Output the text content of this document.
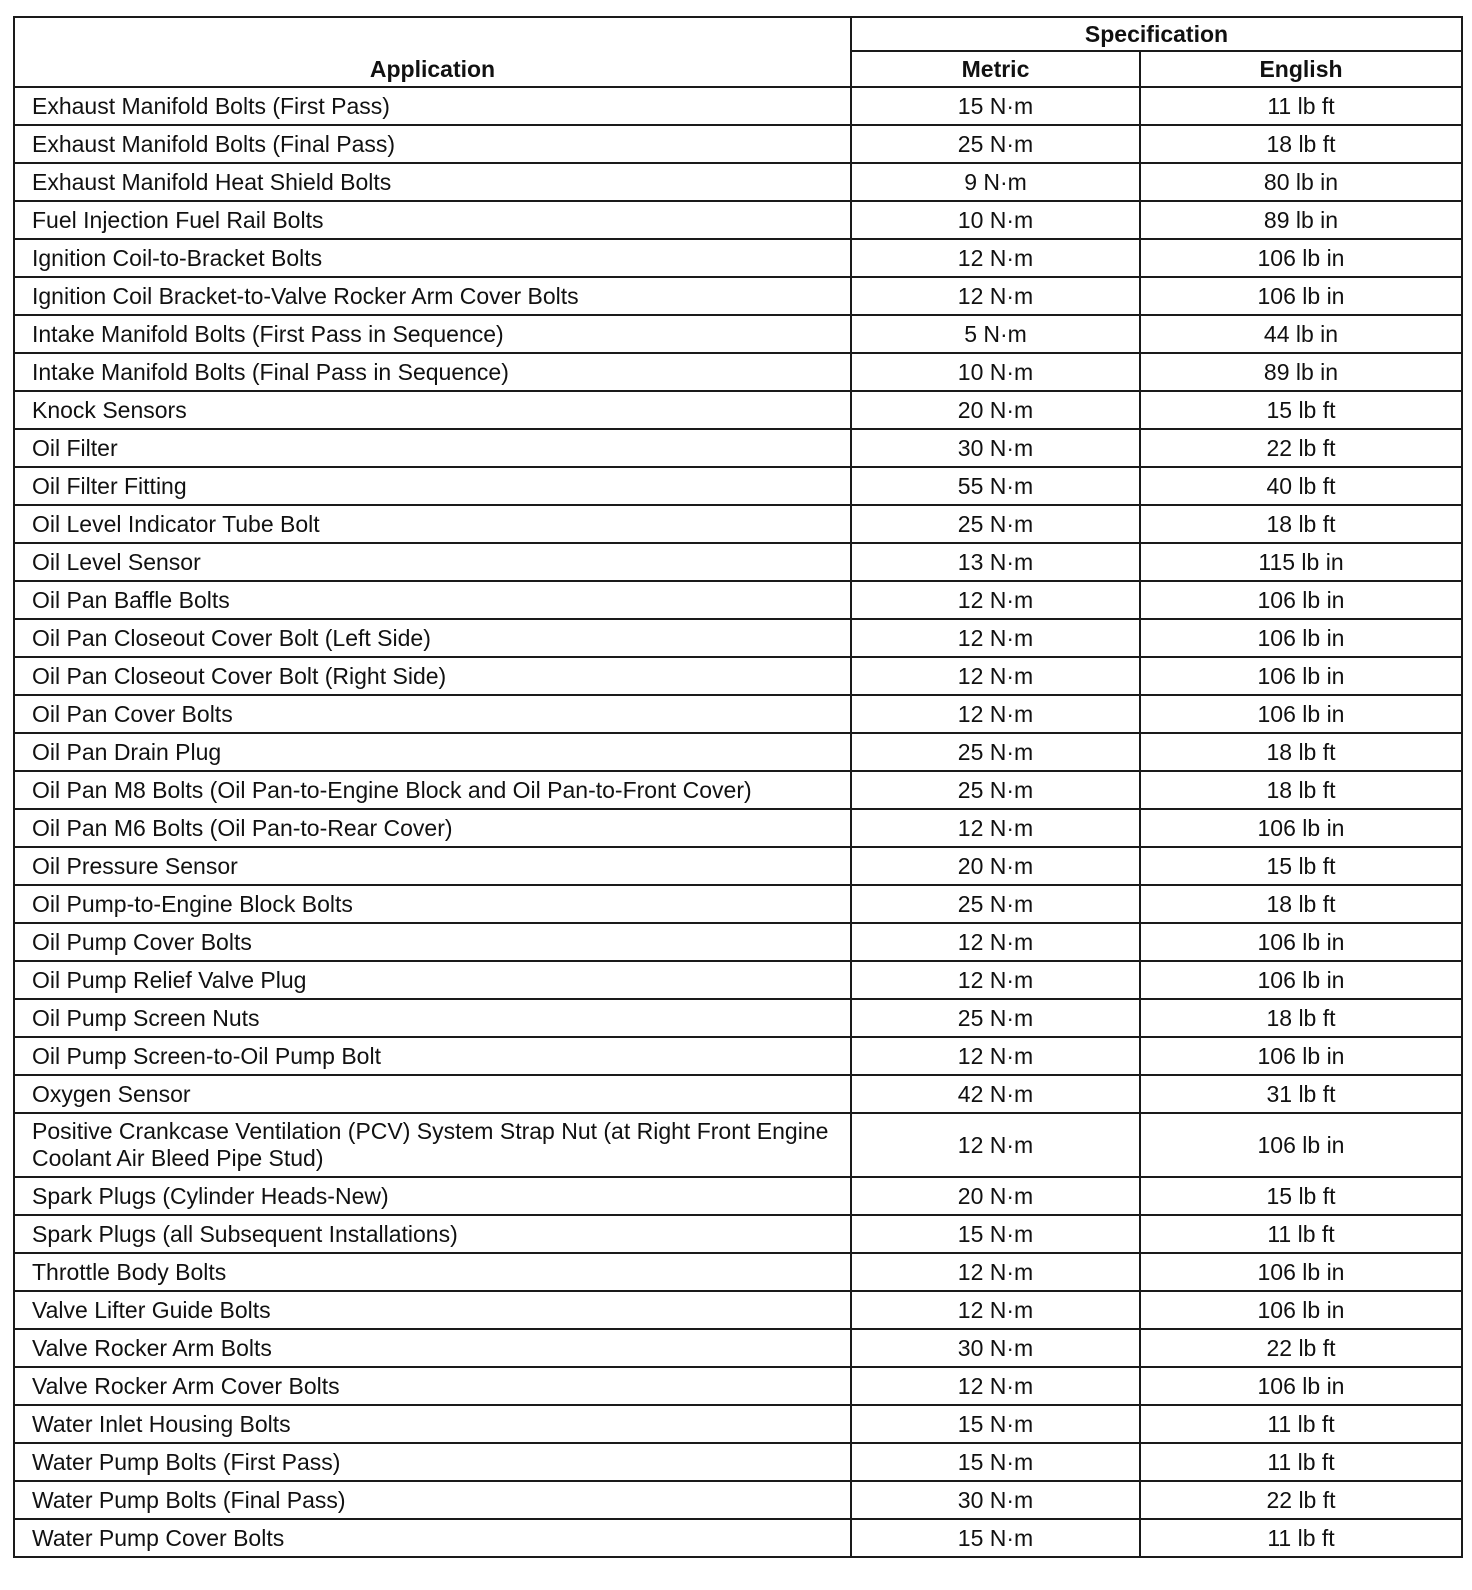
Application	Specification	
	Metric	English
Exhaust Manifold Bolts (First Pass)	15 N·m	11 lb ft
Exhaust Manifold Bolts (Final Pass)	25 N·m	18 lb ft
Exhaust Manifold Heat Shield Bolts	9 N·m	80 lb in
Fuel Injection Fuel Rail Bolts	10 N·m	89 lb in
Ignition Coil-to-Bracket Bolts	12 N·m	106 lb in
Ignition Coil Bracket-to-Valve Rocker Arm Cover Bolts	12 N·m	106 lb in
Intake Manifold Bolts (First Pass in Sequence)	5 N·m	44 lb in
Intake Manifold Bolts (Final Pass in Sequence)	10 N·m	89 lb in
Knock Sensors	20 N·m	15 lb ft
Oil Filter	30 N·m	22 lb ft
Oil Filter Fitting	55 N·m	40 lb ft
Oil Level Indicator Tube Bolt	25 N·m	18 lb ft
Oil Level Sensor	13 N·m	115 lb in
Oil Pan Baffle Bolts	12 N·m	106 lb in
Oil Pan Closeout Cover Bolt (Left Side)	12 N·m	106 lb in
Oil Pan Closeout Cover Bolt (Right Side)	12 N·m	106 lb in
Oil Pan Cover Bolts	12 N·m	106 lb in
Oil Pan Drain Plug	25 N·m	18 lb ft
Oil Pan M8 Bolts (Oil Pan-to-Engine Block and Oil Pan-to-Front Cover)	25 N·m	18 lb ft
Oil Pan M6 Bolts (Oil Pan-to-Rear Cover)	12 N·m	106 lb in
Oil Pressure Sensor	20 N·m	15 lb ft
Oil Pump-to-Engine Block Bolts	25 N·m	18 lb ft
Oil Pump Cover Bolts	12 N·m	106 lb in
Oil Pump Relief Valve Plug	12 N·m	106 lb in
Oil Pump Screen Nuts	25 N·m	18 lb ft
Oil Pump Screen-to-Oil Pump Bolt	12 N·m	106 lb in
Oxygen Sensor	42 N·m	31 lb ft
Positive Crankcase Ventilation (PCV) System Strap Nut (at Right Front Engine Coolant Air Bleed Pipe Stud)	12 N·m	106 lb in
Spark Plugs (Cylinder Heads-New)	20 N·m	15 lb ft
Spark Plugs (all Subsequent Installations)	15 N·m	11 lb ft
Throttle Body Bolts	12 N·m	106 lb in
Valve Lifter Guide Bolts	12 N·m	106 lb in
Valve Rocker Arm Bolts	30 N·m	22 lb ft
Valve Rocker Arm Cover Bolts	12 N·m	106 lb in
Water Inlet Housing Bolts	15 N·m	11 lb ft
Water Pump Bolts (First Pass)	15 N·m	11 lb ft
Water Pump Bolts (Final Pass)	30 N·m	22 lb ft
Water Pump Cover Bolts	15 N·m	11 lb ft
